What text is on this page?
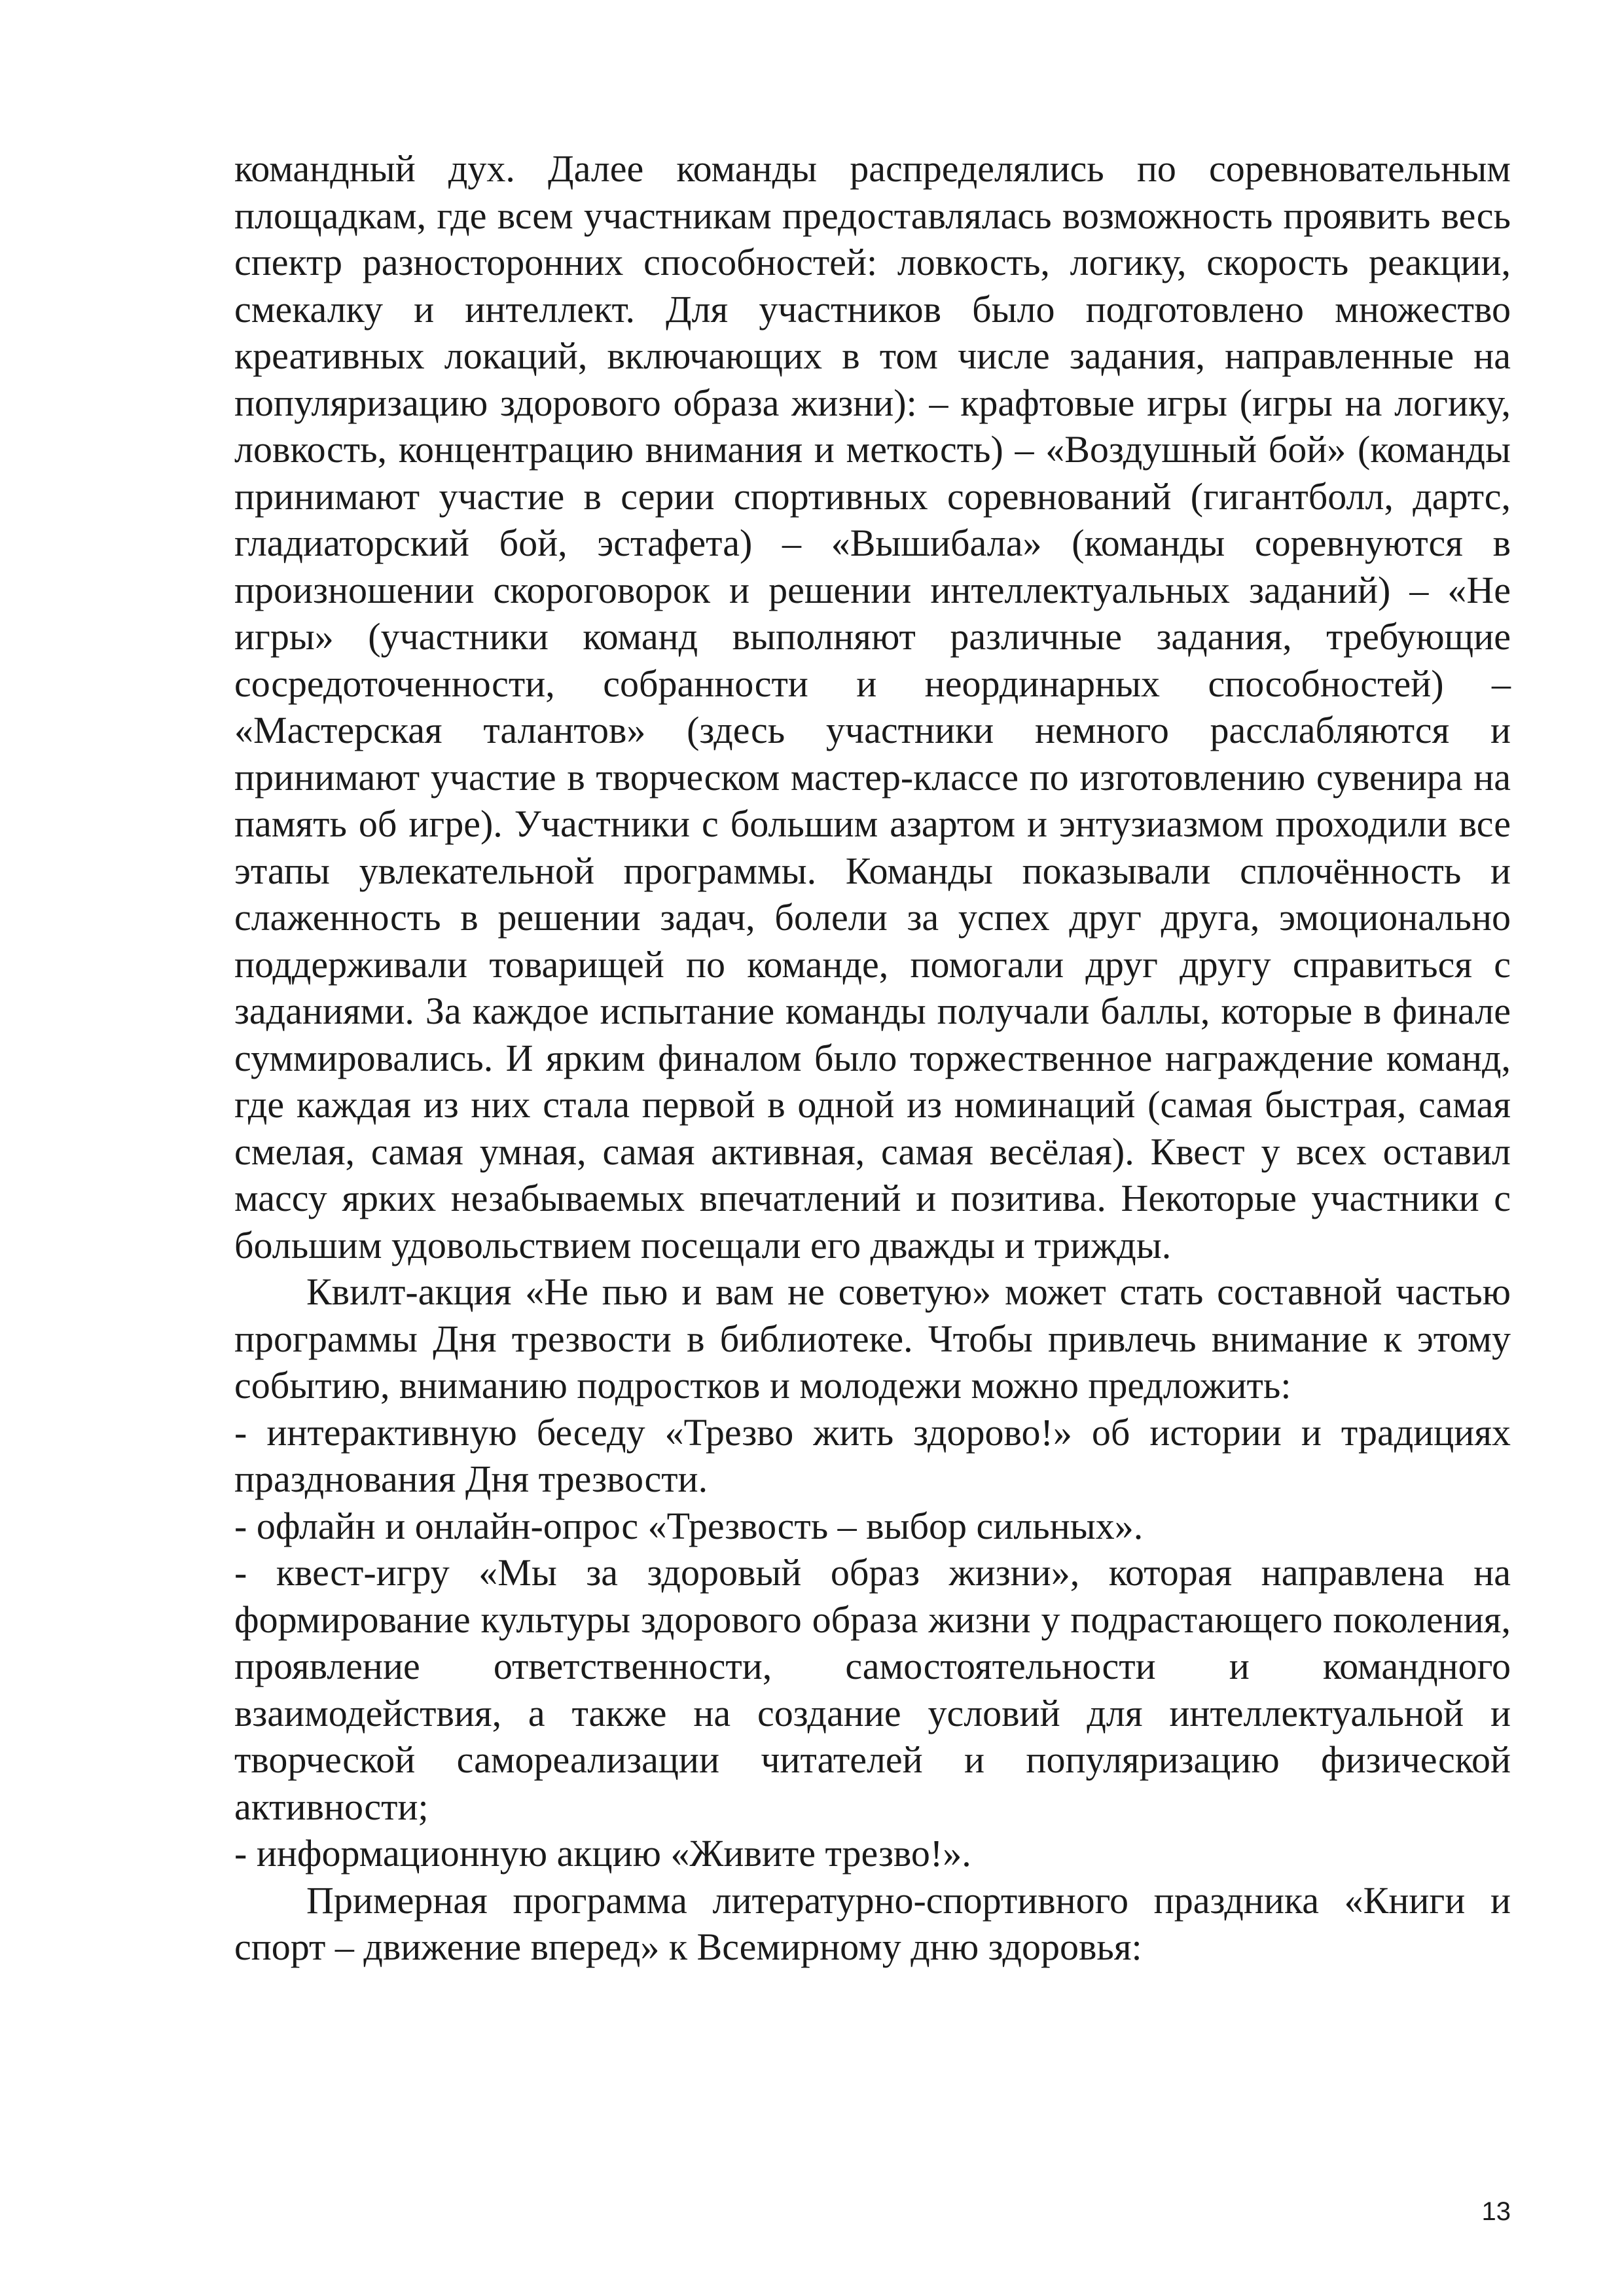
командный дух. Далее команды распределялись по соревновательным площадкам, где всем участникам предоставлялась возможность проявить весь спектр разносторонних способностей: ловкость, логику, скорость реакции, смекалку и интеллект. Для участников было подготовлено множество креативных локаций, включающих в том числе задания, направленные на популяризацию здорового образа жизни): – крафтовые игры (игры на логику, ловкость, концентрацию внимания и меткость) – «Воздушный бой» (команды принимают участие в серии спортивных соревнований (гигантболл, дартс, гладиаторский бой, эстафета) – «Вышибала» (команды соревнуются в произношении скороговорок и решении интеллектуальных заданий) – «Не игры» (участники команд выполняют различные задания, требующие сосредоточенности, собранности и неординарных способностей) – «Мастерская талантов» (здесь участники немного расслабляются и принимают участие в творческом мастер-классе по изготовлению сувенира на память об игре). Участники с большим азартом и энтузиазмом проходили все этапы увлекательной программы. Команды показывали сплочённость и слаженность в решении задач, болели за успех друг друга, эмоционально поддерживали товарищей по команде, помогали друг другу справиться с заданиями. За каждое испытание команды получали баллы, которые в финале суммировались. И ярким финалом было торжественное награждение команд, где каждая из них стала первой в одной из номинаций (самая быстрая, самая смелая, самая умная, самая активная, самая весёлая). Квест у всех оставил массу ярких незабываемых впечатлений и позитива. Некоторые участники с большим удовольствием посещали его дважды и трижды.

Квилт-акция «Не пью и вам не советую» может стать составной частью программы Дня трезвости в библиотеке. Чтобы привлечь внимание к этому событию, вниманию подростков и молодежи можно предложить:

- интерактивную беседу «Трезво жить здорово!» об истории и традициях празднования Дня трезвости.

- офлайн и онлайн-опрос «Трезвость – выбор сильных».

- квест-игру «Мы за здоровый образ жизни», которая направлена на формирование культуры здорового образа жизни у подрастающего поколения, проявление ответственности, самостоятельности и командного взаимодействия, а также на создание условий для интеллектуальной и творческой самореализации читателей и популяризацию физической активности;

- информационную акцию «Живите трезво!».

Примерная программа литературно-спортивного праздника «Книги и спорт – движение вперед» к Всемирному дню здоровья:

13
